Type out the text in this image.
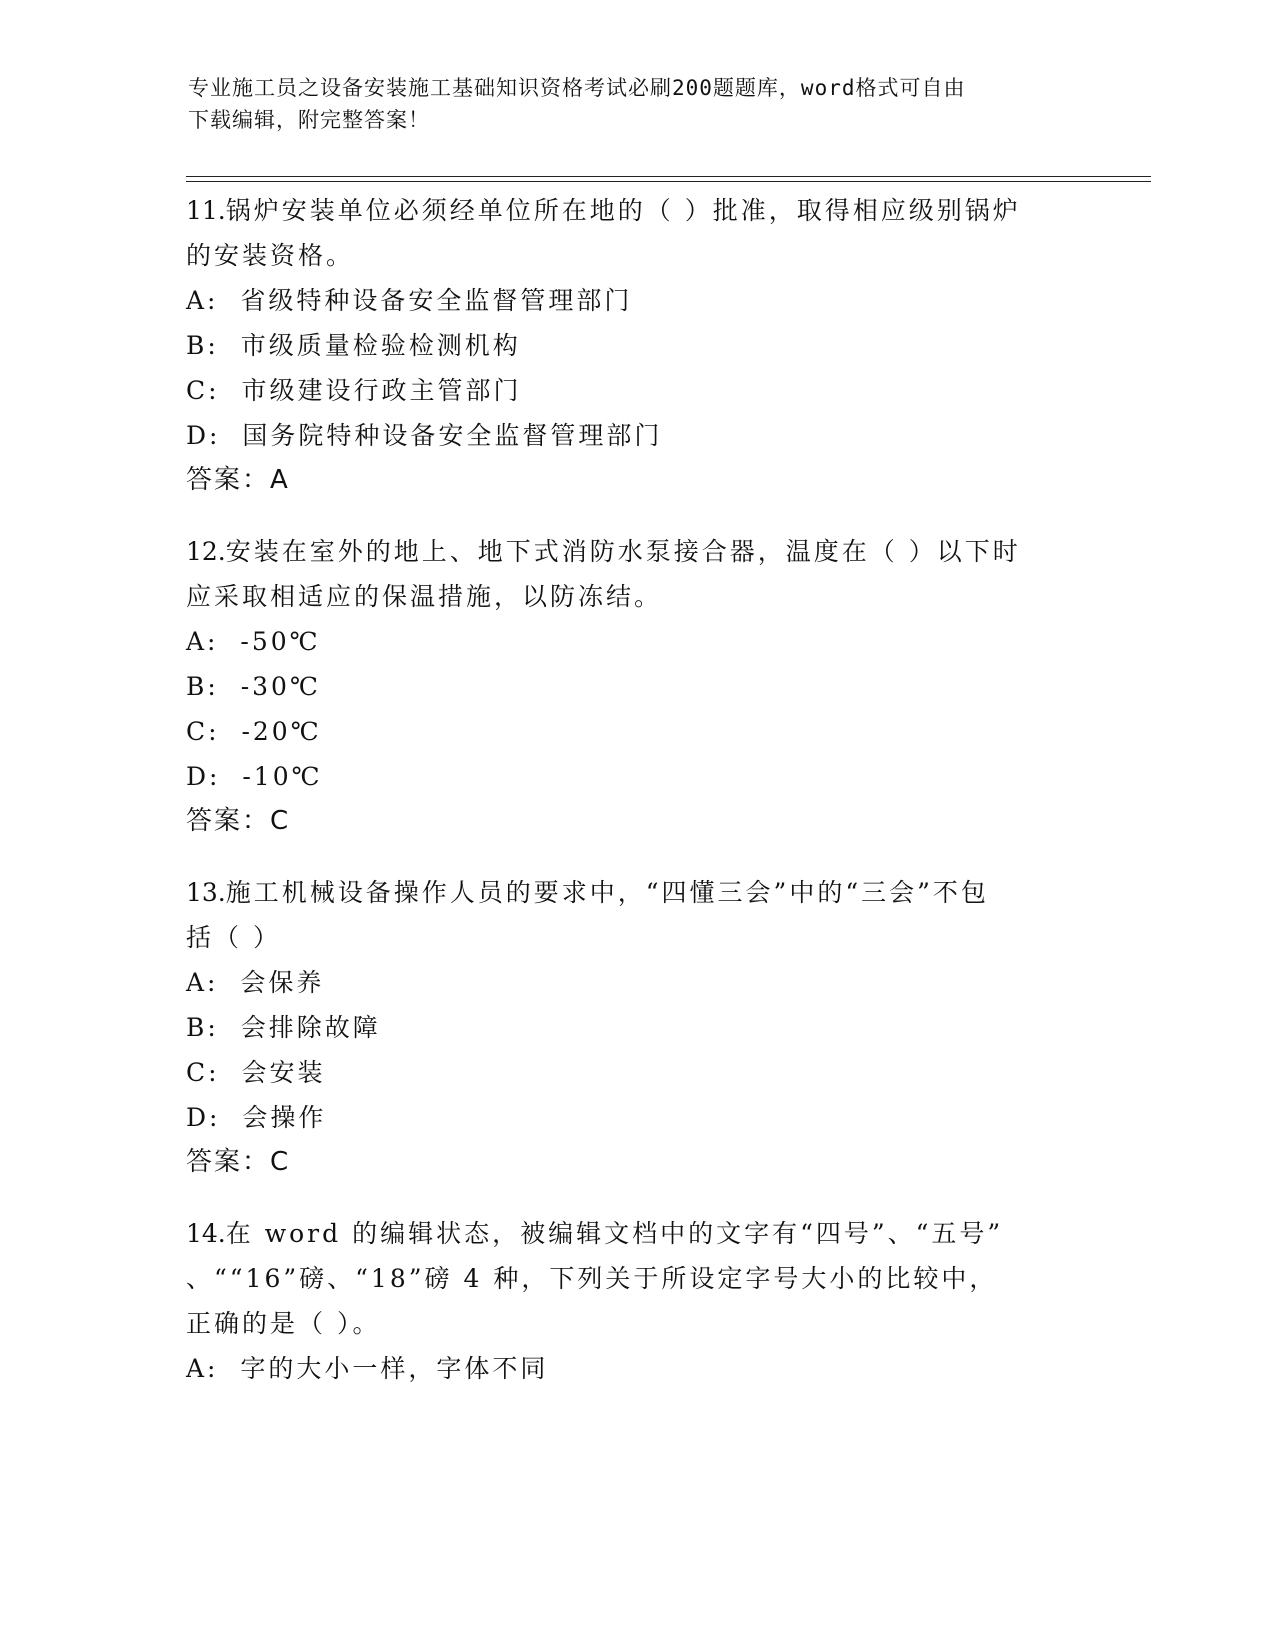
专业施工员之设备安装施工基础知识资格考试必刷200题题库，word格式可自由
下载编辑，附完整答案！
11.锅炉安装单位必须经单位所在地的（ ）批准，取得相应级别锅炉
的安装资格。
A:  省级特种设备安全监督管理部门
B:  市级质量检验检测机构
C:  市级建设行政主管部门
D:  国务院特种设备安全监督管理部门
答案：A
12.安装在室外的地上、地下式消防水泵接合器，温度在（ ）以下时
应采取相适应的保温措施，以防冻结。
A:  -50℃
B:  -30℃
C:  -20℃
D:  -10℃
答案：C
13.施工机械设备操作人员的要求中，“四懂三会”中的“三会”不包
括（ ）
A:  会保养
B:  会排除故障
C:  会安装
D:  会操作
答案：C
14.在 word 的编辑状态，被编辑文档中的文字有“四号”、“五号”
、““16”磅、“18”磅 4 种，下列关于所设定字号大小的比较中，
正确的是（ ）。
A:  字的大小一样，字体不同
